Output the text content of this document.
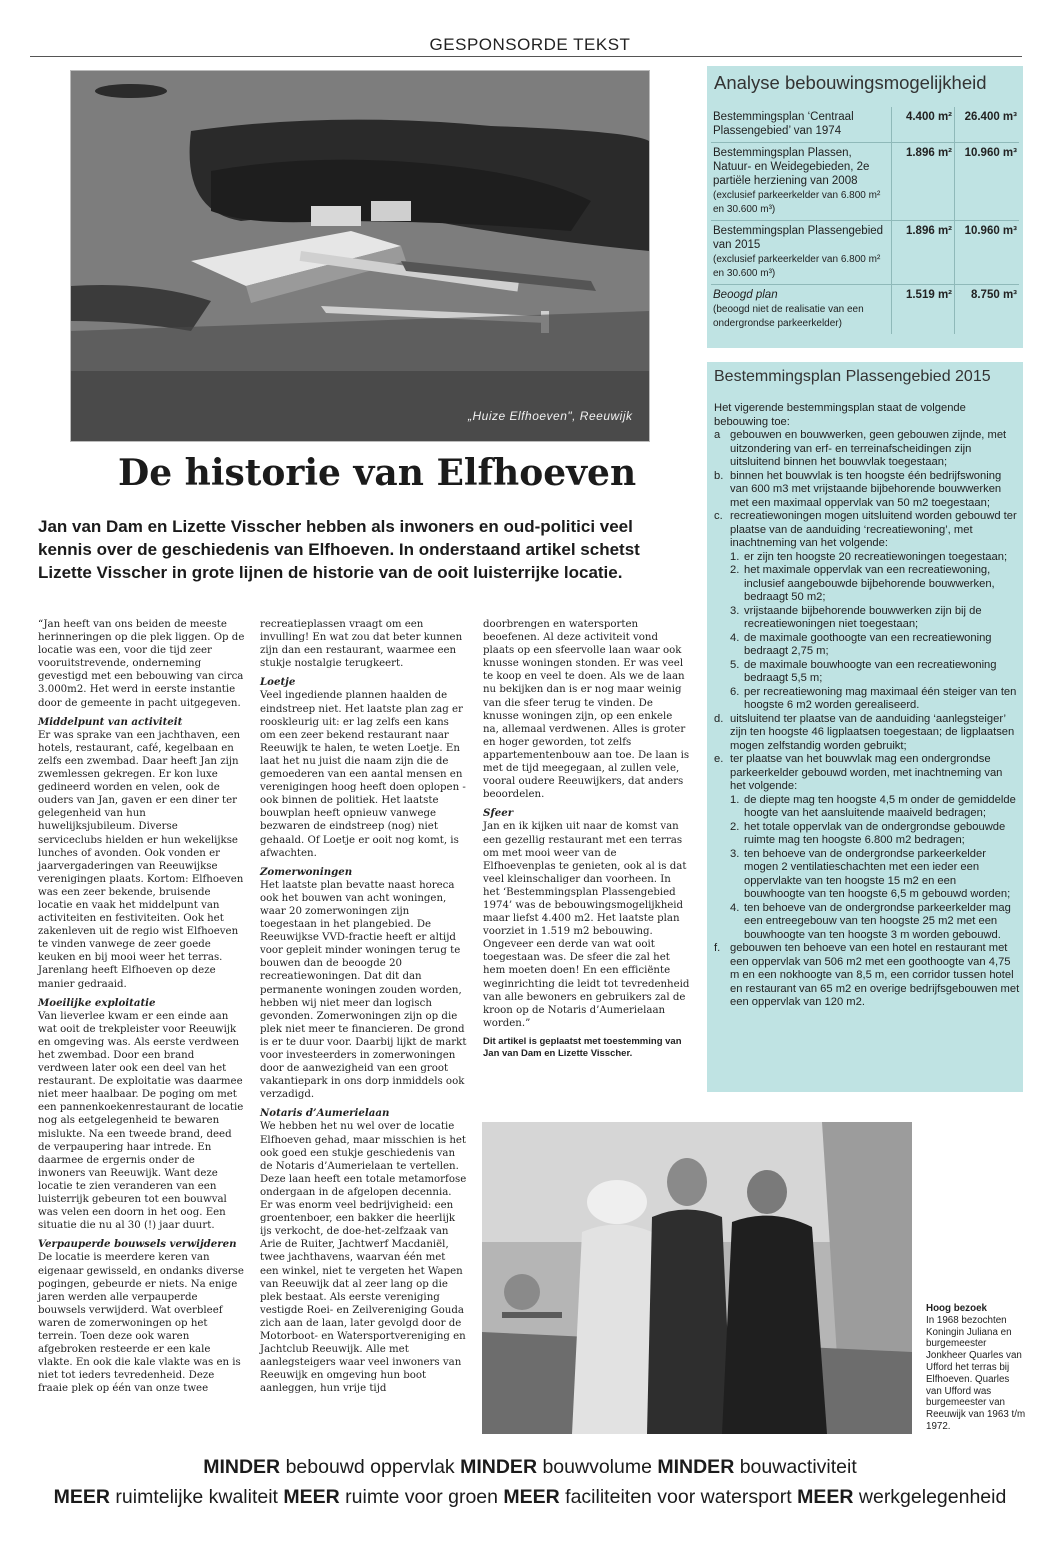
GESPONSORDE TEKST
„Huize Elfhoeven", Reeuwijk
De historie van Elfhoeven
Jan van Dam en Lizette Visscher hebben als inwoners en oud-politici veel kennis over de geschiedenis van Elfhoeven. In onderstaand artikel schetst Lizette Visscher in grote lijnen de historie van de ooit luisterrijke locatie.

“Jan heeft van ons beiden de meeste herinneringen op die plek liggen. Op de locatie was een, voor die tijd zeer vooruitstrevende, onderneming gevestigd met een bebouwing van circa 3.000m2. Het werd in eerste instantie door de gemeente in pacht uitgegeven.

Middelpunt van activiteit

Er was sprake van een jachthaven, een hotels, restaurant, café, kegelbaan en zelfs een zwembad. Daar heeft Jan zijn zwemlessen gekregen. Er kon luxe gedineerd worden en velen, ook de ouders van Jan, gaven er een diner ter gelegenheid van hun huwelijksjubileum. Diverse serviceclubs hielden er hun wekelijkse lunches of avonden. Ook vonden er jaarvergaderingen van Reeuwijkse verenigingen plaats. Kortom: Elfhoeven was een zeer bekende, bruisende locatie en vaak het middelpunt van activiteiten en festiviteiten. Ook het zakenleven uit de regio wist Elfhoeven te vinden vanwege de zeer goede keuken en bij mooi weer het terras. Jarenlang heeft Elfhoeven op deze manier gedraaid.

Moeilijke exploitatie

Van lieverlee kwam er een einde aan wat ooit de trekpleister voor Reeuwijk en omgeving was. Als eerste verdween het zwembad. Door een brand verdween later ook een deel van het restaurant. De exploitatie was daarmee niet meer haalbaar. De poging om met een pannenkoekenrestaurant de locatie nog als eetgelegenheid te bewaren mislukte. Na een tweede brand, deed de verpaupering haar intrede. En daarmee de ergernis onder de inwoners van Reeuwijk. Want deze locatie te zien veranderen van een luisterrijk gebeuren tot een bouwval was velen een doorn in het oog. Een situatie die nu al 30 (!) jaar duurt.

Verpauperde bouwsels verwijderen

De locatie is meerdere keren van eigenaar gewisseld, en ondanks diverse pogingen, gebeurde er niets. Na enige jaren werden alle verpauperde bouwsels verwijderd. Wat overbleef waren de zomerwoningen op het terrein. Toen deze ook waren afgebroken resteerde er een kale vlakte. En ook die kale vlakte was en is niet tot ieders tevredenheid. Deze fraaie plek op één van onze twee

recreatieplassen vraagt om een invulling! En wat zou dat beter kunnen zijn dan een restaurant, waarmee een stukje nostalgie terugkeert.

Loetje

Veel ingediende plannen haalden de eindstreep niet. Het laatste plan zag er rooskleurig uit: er lag zelfs een kans om een zeer bekend restaurant naar Reeuwijk te halen, te weten Loetje. En laat het nu juist die naam zijn die de gemoederen van een aantal mensen en verenigingen hoog heeft doen oplopen - ook binnen de politiek. Het laatste bouwplan heeft opnieuw vanwege bezwaren de eindstreep (nog) niet gehaald. Of Loetje er ooit nog komt, is afwachten.

Zomerwoningen

Het laatste plan bevatte naast horeca ook het bouwen van acht woningen, waar 20 zomerwoningen zijn toegestaan in het plangebied. De Reeuwijkse VVD-fractie heeft er altijd voor gepleit minder woningen terug te bouwen dan de beoogde 20 recreatiewoningen. Dat dit dan permanente woningen zouden worden, hebben wij niet meer dan logisch gevonden. Zomerwoningen zijn op die plek niet meer te financieren. De grond is er te duur voor. Daarbij lijkt de markt voor investeerders in zomerwoningen door de aanwezigheid van een groot vakantiepark in ons dorp inmiddels ook verzadigd.

Notaris d’Aumerielaan

We hebben het nu wel over de locatie Elfhoeven gehad, maar misschien is het ook goed een stukje geschiedenis van de Notaris d’Aumerielaan te vertellen. Deze laan heeft een totale metamorfose ondergaan in de afgelopen decennia. Er was enorm veel bedrijvigheid: een groentenboer, een bakker die heerlijk ijs verkocht, de doe-het-zelfzaak van Arie de Ruiter, Jachtwerf Macdaniël, twee jachthavens, waarvan één met een winkel, niet te vergeten het Wapen van Reeuwijk dat al zeer lang op die plek bestaat. Als eerste vereniging vestigde Roei- en Zeilvereniging Gouda zich aan de laan, later gevolgd door de Motorboot- en Watersportvereniging en Jachtclub Reeuwijk. Alle met aanlegsteigers waar veel inwoners van Reeuwijk en omgeving hun boot aanleggen, hun vrije tijd

doorbrengen en watersporten beoefenen. Al deze activiteit vond plaats op een sfeervolle laan waar ook knusse woningen stonden. Er was veel te koop en veel te doen. Als we de laan nu bekijken dan is er nog maar weinig van die sfeer terug te vinden. De knusse woningen zijn, op een enkele na, allemaal verdwenen. Alles is groter en hoger geworden, tot zelfs appartementenbouw aan toe. De laan is met de tijd meegegaan, al zullen vele, vooral oudere Reeuwijkers, dat anders beoordelen.

Sfeer

Jan en ik kijken uit naar de komst van een gezellig restaurant met een terras om met mooi weer van de Elfhoevenplas te genieten, ook al is dat veel kleinschaliger dan voorheen. In het ‘Bestemmingsplan Plassengebied 1974’ was de bebouwingsmogelijkheid maar liefst 4.400 m2. Het laatste plan voorziet in 1.519 m2 bebouwing. Ongeveer een derde van wat ooit toegestaan was. De sfeer die zal het hem moeten doen! En een efficiënte weginrichting die leidt tot tevredenheid van alle bewoners en gebruikers zal de kroon op de Notaris d’Aumerielaan worden.”

Dit artikel is geplaatst met toestemming van Jan van Dam en Lizette Visscher.
Analyse bebouwingsmogelijkheid
Bestemmingsplan ‘Centraal Plassengebied’ van 1974	4.400 m²	26.400 m³
Bestemmingsplan Plassen, Natuur- en Weidegebieden, 2e partiële herziening van 2008
(exclusief parkeerkelder van 6.800 m² en 30.600 m³)	1.896 m²	10.960 m³
Bestemmingsplan Plassengebied van 2015
(exclusief parkeerkelder van 6.800 m² en 30.600 m³)	1.896 m²	10.960 m³
Beoogd plan
(beoogd niet de realisatie van een ondergrondse parkeerkelder)	1.519 m²	8.750 m³
Bestemmingsplan Plassengebied 2015

Het vigerende bestemmingsplan staat de volgende bebouwing toe:

a gebouwen en bouwwerken, geen gebouwen zijnde, met uitzondering van erf- en terreinafscheidingen zijn uitsluitend binnen het bouwvlak toegestaan;
b. binnen het bouwvlak is ten hoogste één bedrijfswoning van 600 m3 met vrijstaande bijbehorende bouwwerken met een maximaal oppervlak van 50 m2 toegestaan;
c. recreatiewoningen mogen uitsluitend worden gebouwd ter plaatse van de aanduiding ‘recreatiewoning’, met inachtneming van het volgende:
1. er zijn ten hoogste 20 recreatiewoningen toegestaan;
2. het maximale oppervlak van een recreatiewoning, inclusief aangebouwde bijbehorende bouwwerken, bedraagt 50 m2;
3. vrijstaande bijbehorende bouwwerken zijn bij de recreatiewoningen niet toegestaan;
4. de maximale goothoogte van een recreatiewoning bedraagt 2,75 m;
5. de maximale bouwhoogte van een recreatiewoning bedraagt 5,5 m;
6. per recreatiewoning mag maximaal één steiger van ten hoogste 6 m2 worden gerealiseerd.
d. uitsluitend ter plaatse van de aanduiding ‘aanlegsteiger’ zijn ten hoogste 46 ligplaatsen toegestaan; de ligplaatsen mogen zelfstandig worden gebruikt;
e. ter plaatse van het bouwvlak mag een ondergrondse parkeerkelder gebouwd worden, met inachtneming van het volgende:
1. de diepte mag ten hoogste 4,5 m onder de gemiddelde hoogte van het aansluitende maaiveld bedragen;
2. het totale oppervlak van de ondergrondse gebouwde ruimte mag ten hoogste 6.800 m2 bedragen;
3. ten behoeve van de ondergrondse parkeerkelder mogen 2 ventilatieschachten met een ieder een oppervlakte van ten hoogste 15 m2 en een bouwhoogte van ten hoogste 6,5 m gebouwd worden;
4. ten behoeve van de ondergrondse parkeerkelder mag een entreegebouw van ten hoogste 25 m2 met een bouwhoogte van ten hoogste 3 m worden gebouwd.
f. gebouwen ten behoeve van een hotel en restaurant met een oppervlak van 506 m2 met een goothoogte van 4,75 m en een nokhoogte van 8,5 m, een corridor tussen hotel en restaurant van 65 m2 en overige bedrijfsgebouwen met een oppervlak van 120 m2.
Hoog bezoek
In 1968 bezochten Koningin Juliana en burgemeester Jonkheer Quarles van Ufford het terras bij Elfhoeven. Quarles van Ufford was burgemeester van Reeuwijk van 1963 t/m 1972.
MINDER bebouwd oppervlak MINDER bouwvolume MINDER bouwactiviteit
MEER ruimtelijke kwaliteit MEER ruimte voor groen MEER faciliteiten voor watersport MEER werkgelegenheid
